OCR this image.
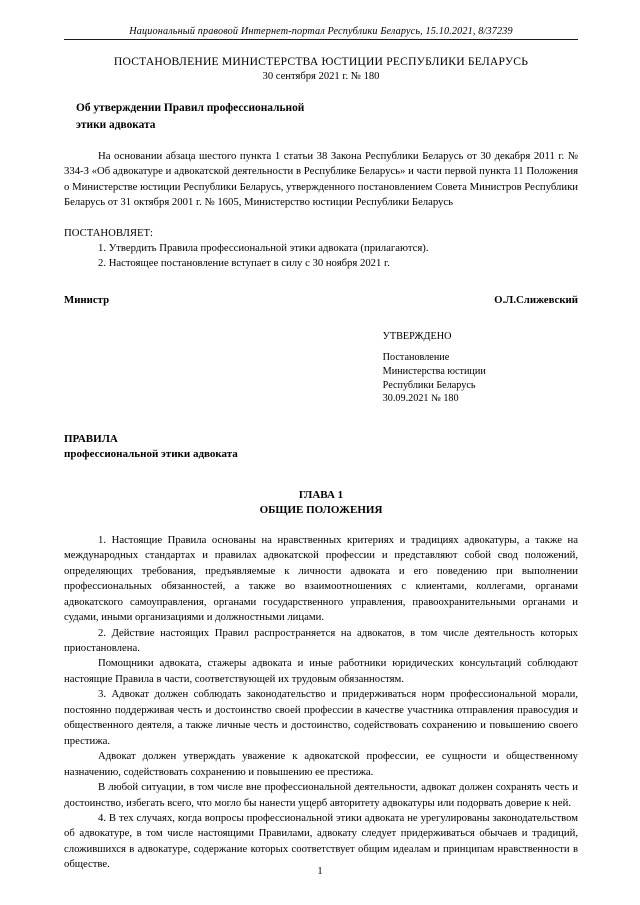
Национальный правовой Интернет-портал Республики Беларусь, 15.10.2021, 8/37239
ПОСТАНОВЛЕНИЕ МИНИСТЕРСТВА ЮСТИЦИИ РЕСПУБЛИКИ БЕЛАРУСЬ
30 сентября 2021 г. № 180
Об утверждении Правил профессиональной
этики адвоката

На основании абзаца шестого пункта 1 статьи 38 Закона Республики Беларусь от 30 декабря 2011 г. № 334-З «Об адвокатуре и адвокатской деятельности в Республике Беларусь» и части первой пункта 11 Положения о Министерстве юстиции Республики Беларусь, утвержденного постановлением Совета Министров Республики Беларусь от 31 октября 2001 г. № 1605, Министерство юстиции Республики Беларусь

ПОСТАНОВЛЯЕТ:

1. Утвердить Правила профессиональной этики адвоката (прилагаются).
2. Настоящее постановление вступает в силу с 30 ноября 2021 г.
Министр	О.Л.Слижевский
УТВЕРЖДЕНО
Постановление
Министерства юстиции
Республики Беларусь
30.09.2021 № 180
ПРАВИЛА
профессиональной этики адвоката
ГЛАВА 1
ОБЩИЕ ПОЛОЖЕНИЯ

1. Настоящие Правила основаны на нравственных критериях и традициях адвокатуры, а также на международных стандартах и правилах адвокатской профессии и представляют собой свод положений, определяющих требования, предъявляемые к личности адвоката и его поведению при выполнении профессиональных обязанностей, а также во взаимоотношениях с клиентами, коллегами, органами адвокатского самоуправления, органами государственного управления, правоохранительными органами и судами, иными организациями и должностными лицами.

2. Действие настоящих Правил распространяется на адвокатов, в том числе деятельность которых приостановлена.

Помощники адвоката, стажеры адвоката и иные работники юридических консультаций соблюдают настоящие Правила в части, соответствующей их трудовым обязанностям.

3. Адвокат должен соблюдать законодательство и придерживаться норм профессиональной морали, постоянно поддерживая честь и достоинство своей профессии в качестве участника отправления правосудия и общественного деятеля, а также личные честь и достоинство, содействовать сохранению и повышению своего престижа.

Адвокат должен утверждать уважение к адвокатской профессии, ее сущности и общественному назначению, содействовать сохранению и повышению ее престижа.

В любой ситуации, в том числе вне профессиональной деятельности, адвокат должен сохранять честь и достоинство, избегать всего, что могло бы нанести ущерб авторитету адвокатуры или подорвать доверие к ней.

4. В тех случаях, когда вопросы профессиональной этики адвоката не урегулированы законодательством об адвокатуре, в том числе настоящими Правилами, адвокату следует придерживаться обычаев и традиций, сложившихся в адвокатуре, содержание которых соответствует общим идеалам и принципам нравственности в обществе.

1
